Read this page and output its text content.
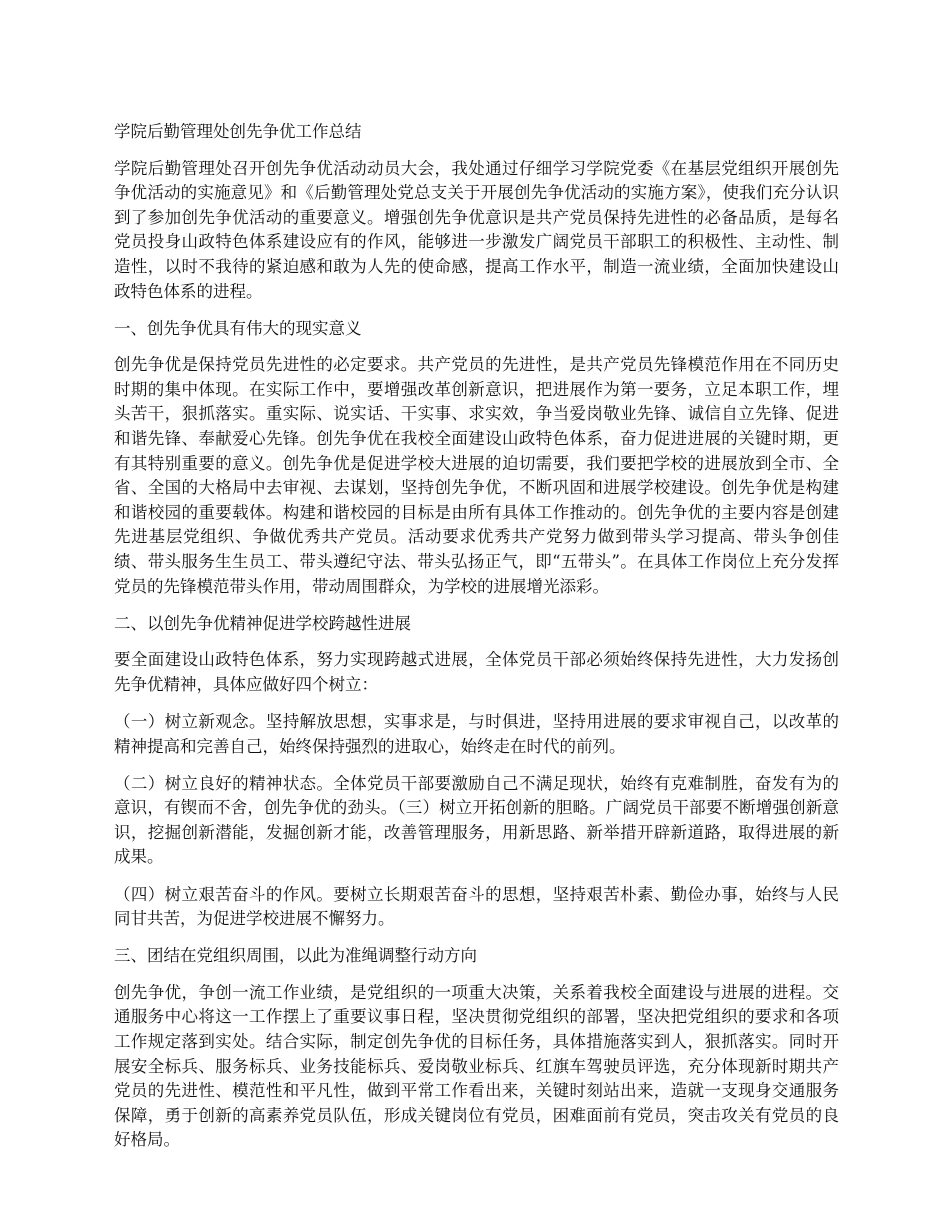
学院后勤管理处创先争优工作总结

学院后勤管理处召开创先争优活动动员大会，我处通过仔细学习学院党委《在基层党组织开展创先争优活动的实施意见》和《后勤管理处党总支关于开展创先争优活动的实施方案》，使我们充分认识到了参加创先争优活动的重要意义。增强创先争优意识是共产党员保持先进性的必备品质，是每名党员投身山政特色体系建设应有的作风，能够进一步激发广阔党员干部职工的积极性、主动性、制造性，以时不我待的紧迫感和敢为人先的使命感，提高工作水平，制造一流业绩，全面加快建设山政特色体系的进程。

一、创先争优具有伟大的现实意义

创先争优是保持党员先进性的必定要求。共产党员的先进性，是共产党员先锋模范作用在不同历史时期的集中体现。在实际工作中，要增强改革创新意识，把进展作为第一要务，立足本职工作，埋头苦干，狠抓落实。重实际、说实话、干实事、求实效，争当爱岗敬业先锋、诚信自立先锋、促进和谐先锋、奉献爱心先锋。创先争优在我校全面建设山政特色体系，奋力促进进展的关键时期，更有其特别重要的意义。创先争优是促进学校大进展的迫切需要，我们要把学校的进展放到全市、全省、全国的大格局中去审视、去谋划，坚持创先争优，不断巩固和进展学校建设。创先争优是构建和谐校园的重要载体。构建和谐校园的目标是由所有具体工作推动的。创先争优的主要内容是创建先进基层党组织、争做优秀共产党员。活动要求优秀共产党努力做到带头学习提高、带头争创佳绩、带头服务生生员工、带头遵纪守法、带头弘扬正气，即“五带头”。在具体工作岗位上充分发挥党员的先锋模范带头作用，带动周围群众，为学校的进展增光添彩。

二、以创先争优精神促进学校跨越性进展

要全面建设山政特色体系，努力实现跨越式进展，全体党员干部必须始终保持先进性，大力发扬创先争优精神，具体应做好四个树立：

（一）树立新观念。坚持解放思想，实事求是，与时俱进，坚持用进展的要求审视自己，以改革的精神提高和完善自己，始终保持强烈的进取心，始终走在时代的前列。

（二）树立良好的精神状态。全体党员干部要激励自己不满足现状，始终有克难制胜，奋发有为的意识，有锲而不舍，创先争优的劲头。（三）树立开拓创新的胆略。广阔党员干部要不断增强创新意识，挖掘创新潜能，发掘创新才能，改善管理服务，用新思路、新举措开辟新道路，取得进展的新成果。

（四）树立艰苦奋斗的作风。要树立长期艰苦奋斗的思想，坚持艰苦朴素、勤俭办事，始终与人民同甘共苦，为促进学校进展不懈努力。

三、团结在党组织周围，以此为准绳调整行动方向

创先争优，争创一流工作业绩，是党组织的一项重大决策，关系着我校全面建设与进展的进程。交通服务中心将这一工作摆上了重要议事日程，坚决贯彻党组织的部署，坚决把党组织的要求和各项工作规定落到实处。结合实际，制定创先争优的目标任务，具体措施落实到人，狠抓落实。同时开展安全标兵、服务标兵、业务技能标兵、爱岗敬业标兵、红旗车驾驶员评选，充分体现新时期共产党员的先进性、模范性和平凡性，做到平常工作看出来，关键时刻站出来，造就一支现身交通服务保障，勇于创新的高素养党员队伍，形成关键岗位有党员，困难面前有党员，突击攻关有党员的良好格局。
